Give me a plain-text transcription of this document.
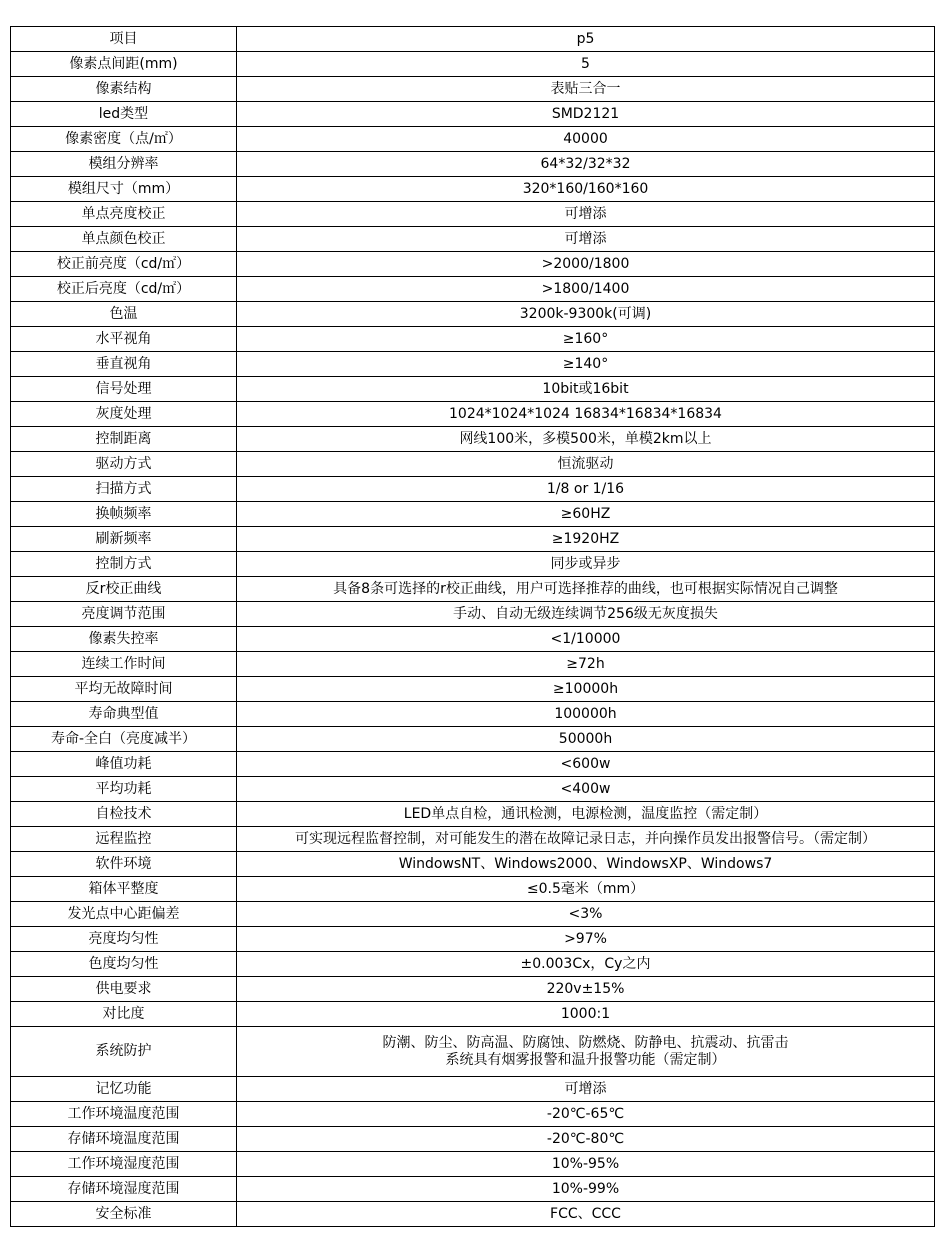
项目	p5

像素点间距(mm)	5

像素结构	表贴三合一

led类型	SMD2121

像素密度（点/㎡）	40000

模组分辨率	64*32/32*32

模组尺寸（mm）	320*160/160*160

单点亮度校正	可增添

单点颜色校正	可增添

校正前亮度（cd/㎡）	>2000/1800

校正后亮度（cd/㎡）	>1800/1400

色温	3200k-9300k(可调)

水平视角	≥160°

垂直视角	≥140°

信号处理	10bit或16bit

灰度处理	1024*1024*1024 16834*16834*16834

控制距离	网线100米，多模500米，单模2km以上

驱动方式	恒流驱动

扫描方式	1/8 or 1/16

换帧频率	≥60HZ

刷新频率	≥1920HZ

控制方式	同步或异步

反r校正曲线	具备8条可选择的r校正曲线，用户可选择推荐的曲线，也可根据实际情况自己调整

亮度调节范围	手动、自动无级连续调节256级无灰度损失

像素失控率	<1/10000

连续工作时间	≥72h

平均无故障时间	≥10000h

寿命典型值	100000h

寿命-全白（亮度减半）	50000h

峰值功耗	<600w

平均功耗	<400w

自检技术	LED单点自检，通讯检测，电源检测，温度监控（需定制）

远程监控	可实现远程监督控制，对可能发生的潜在故障记录日志，并向操作员发出报警信号。（需定制）

软件环境	WindowsNT、Windows2000、WindowsXP、Windows7

箱体平整度	≤0.5毫米（mm）

发光点中心距偏差	<3%

亮度均匀性	>97%

色度均匀性	±0.003Cx，Cy之内

供电要求	220v±15%

对比度	1000:1

系统防护	防潮、防尘、防高温、防腐蚀、防燃烧、防静电、抗震动、抗雷击
系统具有烟雾报警和温升报警功能（需定制）

记忆功能	可增添

工作环境温度范围	-20℃-65℃

存储环境温度范围	-20℃-80℃

工作环境湿度范围	10%-95%

存储环境湿度范围	10%-99%

安全标准	FCC、CCC
